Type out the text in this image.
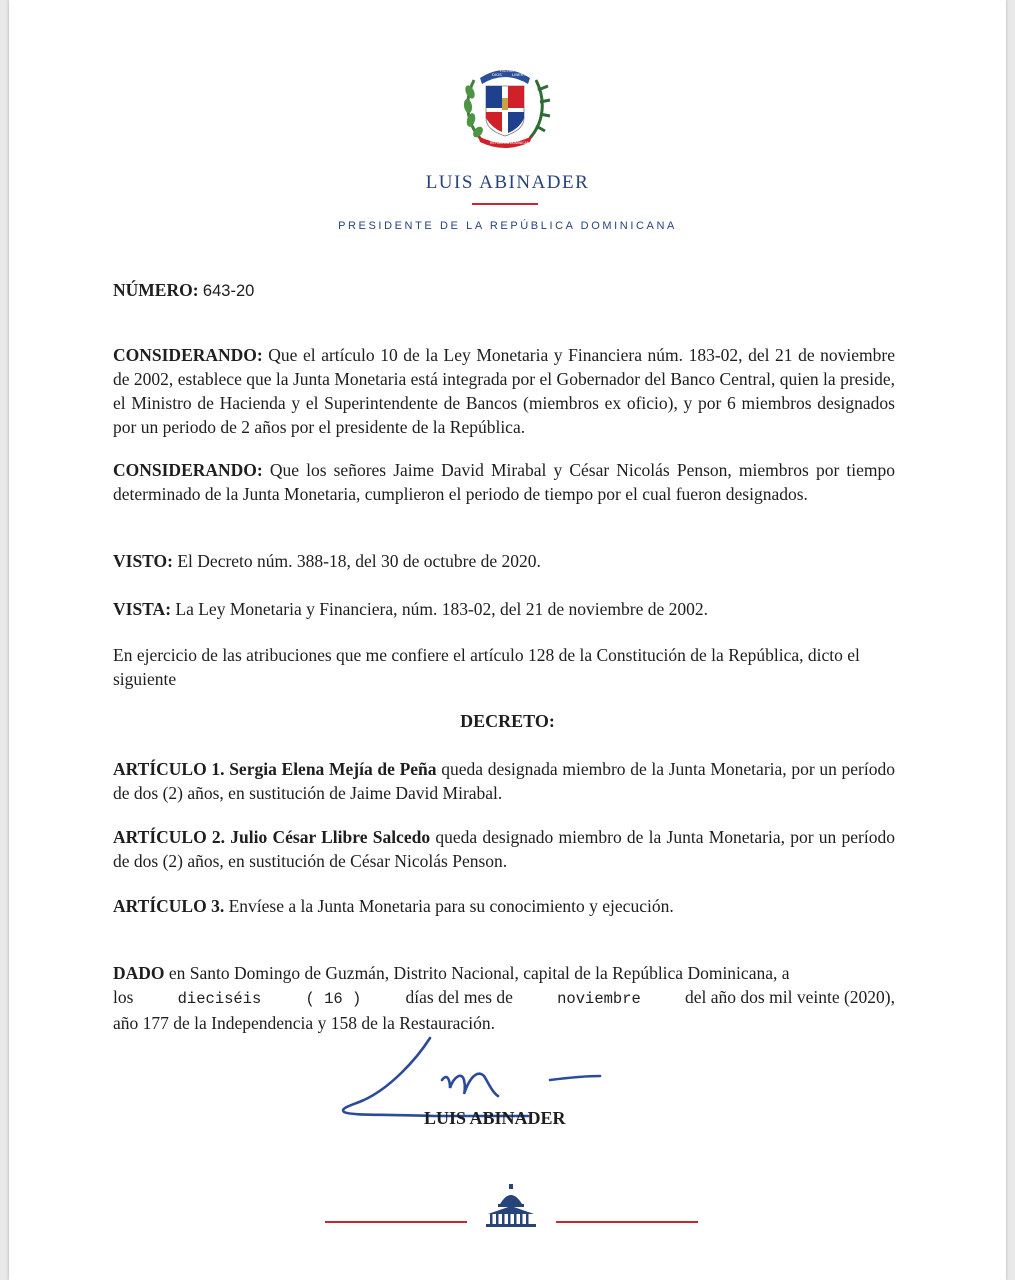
DIOS
PATRIA
LIBERTAD
REPÚBLICA DOMINICANA
LUIS ABINADER
PRESIDENTE DE LA REPÚBLICA DOMINICANA

NÚMERO: 643-20

CONSIDERANDO: Que el artículo 10 de la Ley Monetaria y Financiera núm. 183-02, del 21 de noviembre de 2002, establece que la Junta Monetaria está integrada por el Gobernador del Banco Central, quien la preside, el Ministro de Hacienda y el Superintendente de Bancos (miembros ex oficio), y por 6 miembros designados por un periodo de 2 años por el presidente de la República.

CONSIDERANDO: Que los señores Jaime David Mirabal y César Nicolás Penson, miembros por tiempo determinado de la Junta Monetaria, cumplieron el periodo de tiempo por el cual fueron designados.

VISTO: El Decreto núm. 388-18, del 30 de octubre de 2020.

VISTA: La Ley Monetaria y Financiera, núm. 183-02, del 21 de noviembre de 2002.

En ejercicio de las atribuciones que me confiere el artículo 128 de la Constitución de la República, dicto el siguiente

DECRETO:

ARTÍCULO 1. Sergia Elena Mejía de Peña queda designada miembro de la Junta Monetaria, por un período de dos (2) años, en sustitución de Jaime David Mirabal.

ARTÍCULO 2. Julio César Llibre Salcedo queda designado miembro de la Junta Monetaria, por un período de dos (2) años, en sustitución de César Nicolás Penson.

ARTÍCULO 3. Envíese a la Junta Monetaria para su conocimiento y ejecución.

DADO en Santo Domingo de Guzmán, Distrito Nacional, capital de la República Dominicana, a
los	dieciséis	( 16 )	días del mes de	noviembre	del año dos mil veinte (2020),
año 177 de la Independencia y 158 de la Restauración.
LUIS ABINADER
